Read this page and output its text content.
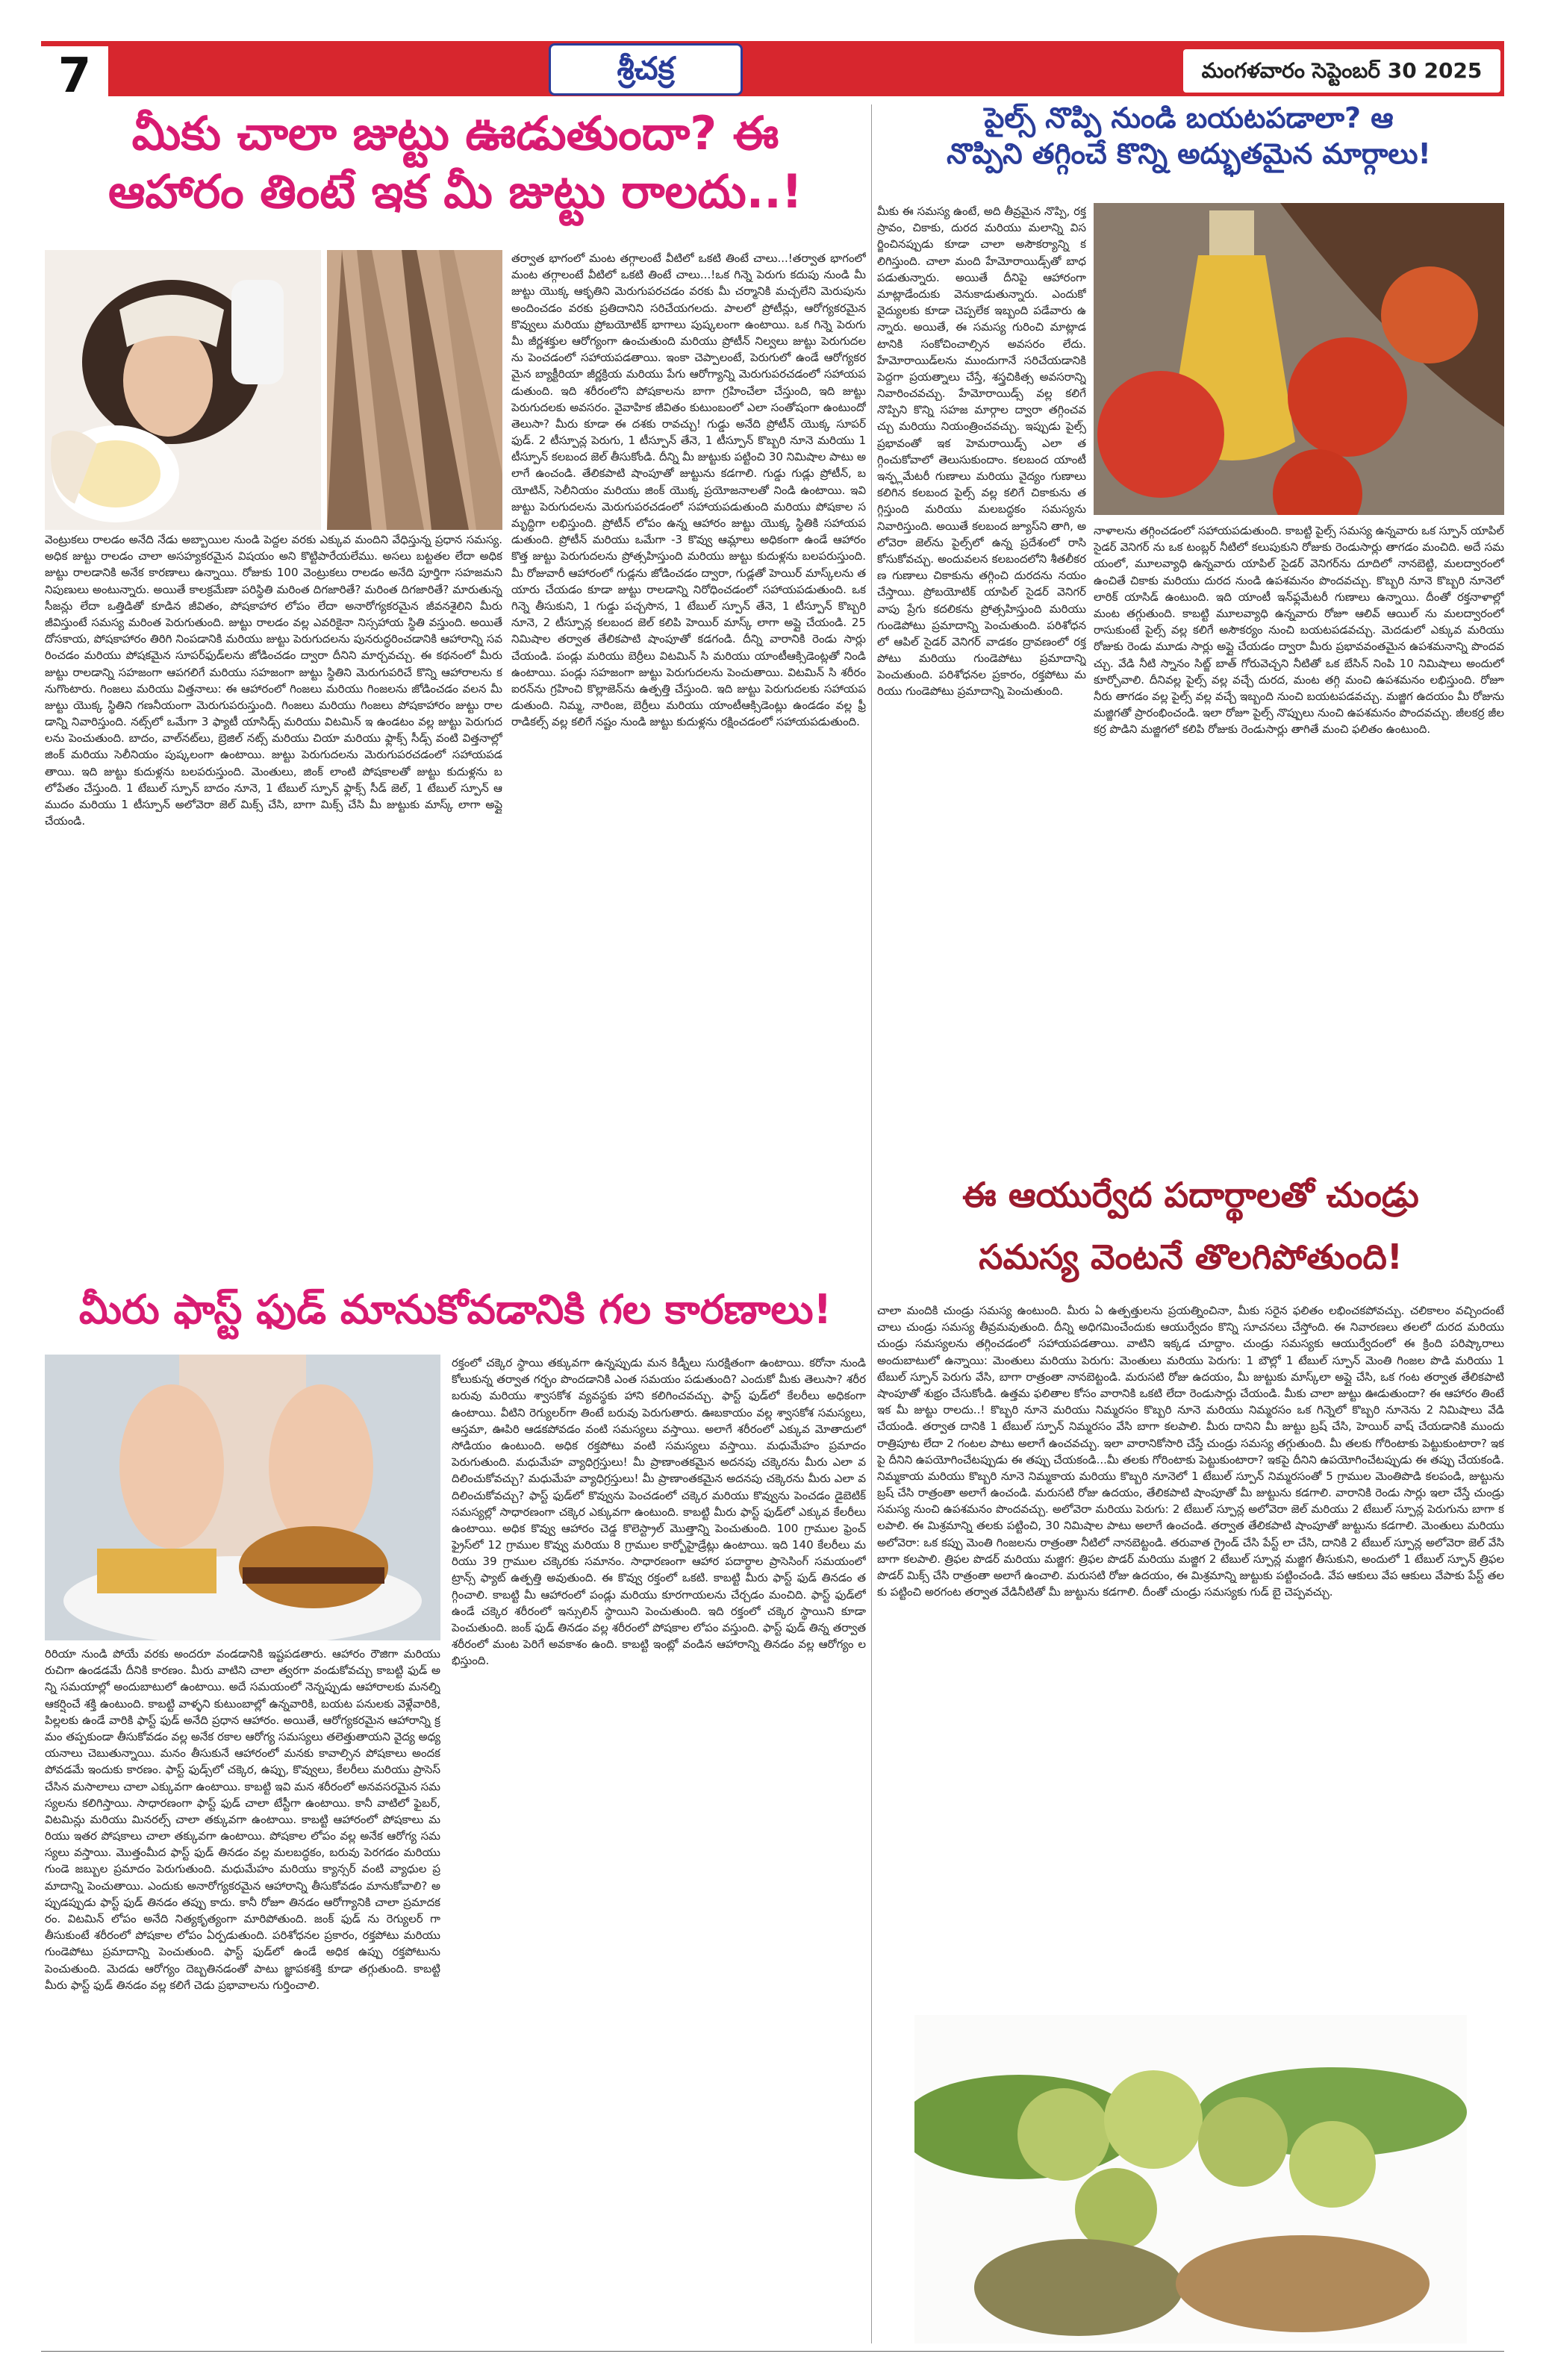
7	శ్రీచక్ర	మంగళవారం సెప్టెంబర్ 30 2025
మీకు చాలా జుట్టు ఊడుతుందా? ఈ
ఆహారం తింటే ఇక మీ జుట్టు రాలదు..!
వెంట్రుకలు రాలడం అనేది నేడు అబ్బాయిల నుండి పెద్దల వరకు ఎక్కువ మందిని వేధిస్తున్న ప్రధాన సమస్య. అధిక జుట్టు రాలడం చాలా అసహ్యకరమైన విషయం అని కొట్టిపారేయలేము. అసలు బట్టతల లేదా అధిక జుట్టు రాలడానికి అనేక కారణాలు ఉన్నాయి. రోజుకు 100 వెంట్రుకలు రాలడం అనేది పూర్తిగా సహజమని నిపుణులు అంటున్నారు. అయితే కాలక్రమేణా పరిస్థితి మరింత దిగజారితే? మరింత దిగజారితే? మారుతున్న సీజన్లు లేదా ఒత్తిడితో కూడిన జీవితం, పోషకాహార లోపం లేదా అనారోగ్యకరమైన జీవనశైలిని మీరు జీవిస్తుంటే సమస్య మరింత పెరుగుతుంది. జుట్టు రాలడం వల్ల ఎవరికైనా నిస్సహాయ స్థితి వస్తుంది. అయితే దోసకాయ, పోషకాహారం తిరిగి నింపడానికి మరియు జుట్టు పెరుగుదలను పునరుద్ధరించడానికి ఆహారాన్ని సవరించడం మరియు పోషకమైన సూపర్‌ఫుడ్‌లను జోడించడం ద్వారా దీనిని మార్చవచ్చు. ఈ కథనంలో మీరు జుట్టు రాలడాన్ని సహజంగా ఆపగలిగే మరియు సహజంగా జుట్టు స్థితిని మెరుగుపరిచే కొన్ని ఆహారాలను కనుగొంటారు. గింజలు మరియు విత్తనాలు: ఈ ఆహారంలో గింజలు మరియు గింజలను జోడించడం వలన మీ జుట్టు యొక్క స్థితిని గణనీయంగా మెరుగుపరుస్తుంది. గింజలు మరియు గింజలు పోషకాహారం జుట్టు రాలడాన్ని నివారిస్తుంది. నట్స్‌లో ఒమేగా 3 ఫ్యాటీ యాసిడ్స్ మరియు విటమిన్ ఇ ఉండటం వల్ల జుట్టు పెరుగుదలను పెంచుతుంది. బాదం, వాల్‌నట్‌లు, బ్రెజిల్ నట్స్ మరియు చియా మరియు ఫ్లాక్స్ సీడ్స్ వంటి విత్తనాల్లో జింక్ మరియు సెలీనియం పుష్కలంగా ఉంటాయి. జుట్టు పెరుగుదలను మెరుగుపరచడంలో సహాయపడతాయి. ఇది జుట్టు కుదుళ్లను బలపరుస్తుంది. మెంతులు, జింక్ లాంటి పోషకాలతో జుట్టు కుదుళ్లను బలోపేతం చేస్తుంది. 1 టేబుల్ స్పూన్ బాదం నూనె, 1 టేబుల్ స్పూన్ ఫ్లాక్స్ సీడ్ జెల్, 1 టేబుల్ స్పూన్ ఆముదం మరియు 1 టీస్పూన్ అలోవెరా జెల్ మిక్స్ చేసి, బాగా మిక్స్ చేసి మీ జుట్టుకు మాస్క్ లాగా అప్లై చేయండి.
తర్వాత భాగంలో మంట తగ్గాలంటే వీటిలో ఒకటి తింటే చాలు...!తర్వాత భాగంలో మంట తగ్గాలంటే వీటిలో ఒకటి తింటే చాలు...!ఒక గిన్నె పెరుగు కదుపు నుండి మీ జుట్టు యొక్క ఆకృతిని మెరుగుపరచడం వరకు మీ చర్మానికి మచ్చలేని మెరుపును అందించడం వరకు ప్రతిదానిని సరిచేయగలదు. పాలలో ప్రోటీన్లు, ఆరోగ్యకరమైన కొవ్వులు మరియు ప్రోబయోటిక్ భాగాలు పుష్కలంగా ఉంటాయి. ఒక గిన్నె పెరుగు మీ జీర్ణశక్తుల ఆరోగ్యంగా ఉంచుతుంది మరియు ప్రోటీన్ నిల్వలు జుట్టు పెరుగుదలను పెంచడంలో సహాయపడతాయి. ఇంకా చెప్పాలంటే, పెరుగులో ఉండే ఆరోగ్యకరమైన బ్యాక్టీరియా జీర్ణక్రియ మరియు పేగు ఆరోగ్యాన్ని మెరుగుపరచడంలో సహాయపడుతుంది. ఇది శరీరంలోని పోషకాలను బాగా గ్రహించేలా చేస్తుంది, ఇది జుట్టు పెరుగుదలకు అవసరం. వైవాహిక జీవితం కుటుంబంలో ఎలా సంతోషంగా ఉంటుందో తెలుసా? మీరు కూడా ఈ దశకు రావచ్చు! గుడ్డు అనేది ప్రోటీన్ యొక్క సూపర్ ఫుడ్. 2 టీస్పూన్ల పెరుగు, 1 టీస్పూన్ తేనె, 1 టీస్పూన్ కొబ్బరి నూనె మరియు 1 టీస్పూన్ కలబంద జెల్ తీసుకోండి. దీన్ని మీ జుట్టుకు పట్టించి 30 నిమిషాల పాటు అలాగే ఉంచండి. తేలికపాటి షాంపూతో జుట్టును కడగాలి. గుడ్డు గుడ్లు ప్రోటీన్, బయోటిన్, సెలీనియం మరియు జింక్ యొక్క ప్రయోజనాలతో నిండి ఉంటాయి. ఇవి జుట్టు పెరుగుదలను మెరుగుపరచడంలో సహాయపడుతుంది మరియు పోషకాల సమృద్ధిగా లభిస్తుంది. ప్రోటీన్ లోపం ఉన్న ఆహారం జుట్టు యొక్క స్థితికి సహాయపడుతుంది. ప్రోటీన్ మరియు ఒమేగా -3 కొవ్వు ఆమ్లాలు అధికంగా ఉండే ఆహారం కొత్త జుట్టు పెరుగుదలను ప్రోత్సహిస్తుంది మరియు జుట్టు కుదుళ్లను బలపరుస్తుంది. మీ రోజువారీ ఆహారంలో గుడ్లను జోడించడం ద్వారా, గుడ్లతో హెయిర్ మాస్క్‌లను తయారు చేయడం కూడా జుట్టు రాలడాన్ని నిరోధించడంలో సహాయపడుతుంది. ఒక గిన్నె తీసుకుని, 1 గుడ్డు పచ్చసొన, 1 టేబుల్ స్పూన్ తేనె, 1 టీస్పూన్ కొబ్బరి నూనె, 2 టీస్పూన్ల కలబంద జెల్ కలిపి హెయిర్ మాస్క్ లాగా అప్లై చేయండి. 25 నిమిషాల తర్వాత తేలికపాటి షాంపూతో కడగండి. దీన్ని వారానికి రెండు సార్లు చేయండి. పండ్లు మరియు బెర్రీలు విటమిన్ సి మరియు యాంటీఆక్సిడెంట్లతో నిండి ఉంటాయి. పండ్లు సహజంగా జుట్టు పెరుగుదలను పెంచుతాయి. విటమిన్ సి శరీరం ఐరన్‌ను గ్రహించి కొల్లాజెన్‌ను ఉత్పత్తి చేస్తుంది. ఇది జుట్టు పెరుగుదలకు సహాయపడుతుంది. నిమ్మ, నారింజ, బెర్రీలు మరియు యాంటీఆక్సిడెంట్లు ఉండడం వల్ల ఫ్రీ రాడికల్స్ వల్ల కలిగే నష్టం నుండి జుట్టు కుదుళ్లను రక్షించడంలో సహాయపడుతుంది.
పైల్స్ నొప్పి నుండి బయటపడాలా? ఆ
నొప్పిని తగ్గించే కొన్ని అద్భుతమైన మార్గాలు!
మీకు ఈ సమస్య ఉంటే, అది తీవ్రమైన నొప్పి, రక్తస్రావం, చికాకు, దురద మరియు మలాన్ని విసర్జించినప్పుడు కూడా చాలా అసౌకర్యాన్ని కలిగిస్తుంది. చాలా మంది హేమోరాయిడ్స్‌తో బాధపడుతున్నారు. అయితే దీనిపై ఆహారంగా మాట్లాడేందుకు వెనుకాడుతున్నారు. ఎందుకో వైద్యులకు కూడా చెప్పలేక ఇబ్బంది పడేవారు ఉన్నారు. అయితే, ఈ సమస్య గురించి మాట్లాడటానికి సంకోచించాల్సిన అవసరం లేదు. హేమోరాయిడ్‌లను ముందుగానే సరిచేయడానికి పెద్దగా ప్రయత్నాలు చేస్తే, శస్త్రచికిత్స అవసరాన్ని నివారించవచ్చు. హేమోరాయిడ్స్ వల్ల కలిగే నొప్పిని కొన్ని సహజ మార్గాల ద్వారా తగ్గించవచ్చు మరియు నియంత్రించవచ్చు. ఇప్పుడు పైల్స్ ప్రభావంతో ఇక హెమరాయిడ్స్ ఎలా తగ్గించుకోవాలో తెలుసుకుందాం. కలబంద యాంటీ ఇన్ఫ్లమేటరీ గుణాలు మరియు వైద్యం గుణాలు కలిగిన కలబంద పైల్స్ వల్ల కలిగే చికాకును తగ్గిస్తుంది మరియు మలబద్ధకం సమస్యను నివారిస్తుంది. అయితే కలబంద జ్యూస్‌ని తాగి, అలోవెరా జెల్‌ను పైల్స్‌లో ఉన్న ప్రదేశంలో రాసి కోసుకోవచ్చు. అందువలన కలబందలోని శీతలీకరణ గుణాలు చికాకును తగ్గించి దురదను నయం చేస్తాయి. ప్రోబయోటిక్ యాపిల్ సైడర్ వెనిగర్ వాపు ప్రేగు కదలికను ప్రోత్సహిస్తుంది మరియు గుండెపోటు ప్రమాదాన్ని పెంచుతుంది. పరిశోధనలో ఆపిల్ సైడర్ వెనిగర్ వాడకం ద్రావణంలో రక్తపోటు మరియు గుండెపోటు ప్రమాదాన్ని పెంచుతుంది. పరిశోధనల ప్రకారం, రక్తపోటు మరియు గుండెపోటు ప్రమాదాన్ని పెంచుతుంది.
నాళాలను తగ్గించడంలో సహాయపడుతుంది. కాబట్టి పైల్స్ సమస్య ఉన్నవారు ఒక స్పూన్ యాపిల్ సైడర్ వెనిగర్ ను ఒక టంబ్లర్ నీటిలో కలుపుకుని రోజుకు రెండుసార్లు తాగడం మంచిది. అదే సమయంలో, మూలవ్యాధి ఉన్నవారు యాపిల్ సైడర్ వెనిగర్‌ను దూదిలో నానబెట్టి, మలద్వారంలో ఉంచితే చికాకు మరియు దురద నుండి ఉపశమనం పొందవచ్చు. కొబ్బరి నూనె కొబ్బరి నూనెలో లారిక్ యాసిడ్ ఉంటుంది. ఇది యాంటీ ఇన్‌ఫ్లమేటరీ గుణాలు ఉన్నాయి. దీంతో రక్తనాళాల్లో మంట తగ్గుతుంది. కాబట్టి మూలవ్యాధి ఉన్నవారు రోజూ ఆలివ్ ఆయిల్ ను మలద్వారంలో రాసుకుంటే పైల్స్ వల్ల కలిగే అసౌకర్యం నుంచి బయటపడవచ్చు. మెదడులో ఎక్కువ మరియు రోజుకు రెండు మూడు సార్లు అప్లై చేయడం ద్వారా మీరు ప్రభావవంతమైన ఉపశమనాన్ని పొందవచ్చు. వేడి నీటి స్నానం సిట్జ్ బాత్ గోరువెచ్చని నీటితో ఒక బేసిన్ నింపి 10 నిమిషాలు అందులో కూర్చోవాలి. దీనివల్ల పైల్స్ వల్ల వచ్చే దురద, మంట తగ్గి మంచి ఉపశమనం లభిస్తుంది. రోజూ నీరు తాగడం వల్ల పైల్స్ వల్ల వచ్చే ఇబ్బంది నుంచి బయటపడవచ్చు. మజ్జిగ ఉదయం మీ రోజును మజ్జిగతో ప్రారంభించండి. ఇలా రోజూ పైల్స్ నొప్పులు నుంచి ఉపశమనం పొందవచ్చు. జీలకర్ర జీలకర్ర పొడిని మజ్జిగలో కలిపి రోజుకు రెండుసార్లు తాగితే మంచి ఫలితం ఉంటుంది.
మీరు ఫాస్ట్ ఫుడ్ మానుకోవడానికి గల కారణాలు!
రిరియా నుండి పోయే వరకు అందరూ వండడానికి ఇష్టపడతారు. ఆహారం రౌజిగా మరియు రుచిగా ఉండడమే దీనికి కారణం. మీరు వాటిని చాలా త్వరగా వండుకోవచ్చు కాబట్టి ఫుడ్ అన్ని సమయాల్లో అందుబాటులో ఉంటాయి. అదే సమయంలో నెన్నప్పుడు ఆహారాలకు మనల్ని ఆకర్షించే శక్తి ఉంటుంది. కాబట్టి వాళ్ళని కుటుంబాల్లో ఉన్నవారికి, బయట పనులకు వెళ్లేవారికి, పిల్లలకు ఉండే వారికి ఫాస్ట్ ఫుడ్ అనేది ప్రధాన ఆహారం. అయితే, ఆరోగ్యకరమైన ఆహారాన్ని క్రమం తప్పకుండా తీసుకోవడం వల్ల అనేక రకాల ఆరోగ్య సమస్యలు తలెత్తుతాయని వైద్య అధ్యయనాలు చెబుతున్నాయి. మనం తీసుకునే ఆహారంలో మనకు కావాల్సిన పోషకాలు అందకపోవడమే ఇందుకు కారణం. ఫాస్ట్ ఫుడ్స్‌లో చక్కెర, ఉప్పు, కొవ్వులు, కేలరీలు మరియు ప్రాసెస్ చేసిన మసాలాలు చాలా ఎక్కువగా ఉంటాయి. కాబట్టి ఇవి మన శరీరంలో అనవసరమైన సమస్యలను కలిగిస్తాయి. సాధారణంగా ఫాస్ట్ ఫుడ్ చాలా టేస్టీగా ఉంటాయి. కానీ వాటిలో ఫైబర్, విటమిన్లు మరియు మినరల్స్ చాలా తక్కువగా ఉంటాయి. కాబట్టి ఆహారంలో పోషకాలు మరియు ఇతర పోషకాలు చాలా తక్కువగా ఉంటాయి. పోషకాల లోపం వల్ల అనేక ఆరోగ్య సమస్యలు వస్తాయి. మొత్తంమీద ఫాస్ట్ ఫుడ్ తినడం వల్ల మలబద్ధకం, బరువు పెరగడం మరియు గుండె జబ్బుల ప్రమాదం పెరుగుతుంది. మధుమేహం మరియు క్యాన్సర్ వంటి వ్యాధుల ప్రమాదాన్ని పెంచుతాయి. ఎందుకు అనారోగ్యకరమైన ఆహారాన్ని తీసుకోవడం మానుకోవాలి? అప్పుడప్పుడు ఫాస్ట్ ఫుడ్ తినడం తప్పు కాదు. కానీ రోజూ తినడం ఆరోగ్యానికి చాలా ప్రమాదకరం. విటమిన్ లోపం అనేది నిత్యకృత్యంగా మారిపోతుంది. జంక్ ఫుడ్ ను రెగ్యులర్ గా తీసుకుంటే శరీరంలో పోషకాల లోపం ఏర్పడుతుంది. పరిశోధనల ప్రకారం, రక్తపోటు మరియు గుండెపోటు ప్రమాదాన్ని పెంచుతుంది. ఫాస్ట్ ఫుడ్‌లో ఉండే అధిక ఉప్పు రక్తపోటును పెంచుతుంది. మెదడు ఆరోగ్యం దెబ్బతినడంతో పాటు జ్ఞాపకశక్తి కూడా తగ్గుతుంది. కాబట్టి మీరు ఫాస్ట్ ఫుడ్ తినడం వల్ల కలిగే చెడు ప్రభావాలను గుర్తించాలి.
రక్తంలో చక్కెర స్థాయి తక్కువగా ఉన్నప్పుడు మన కిడ్నీలు సురక్షితంగా ఉంటాయి. కరోనా నుండి కోలుకున్న తర్వాత గర్భం పొందడానికి ఎంత సమయం పడుతుంది? ఎందుకో మీకు తెలుసా? శరీర బరువు మరియు శ్వాసకోశ వ్యవస్థకు హాని కలిగించవచ్చు. ఫాస్ట్ ఫుడ్‌లో కేలరీలు అధికంగా ఉంటాయి. వీటిని రెగ్యులర్‌గా తింటే బరువు పెరుగుతారు. ఊబకాయం వల్ల శ్వాసకోశ సమస్యలు, ఆస్తమా, ఊపిరి ఆడకపోవడం వంటి సమస్యలు వస్తాయి. అలాగే శరీరంలో ఎక్కువ మోతాదులో సోడియం ఉంటుంది. అధిక రక్తపోటు వంటి సమస్యలు వస్తాయి. మధుమేహం ప్రమాదం పెరుగుతుంది. మధుమేహ వ్యాధిగ్రస్తులు! మీ ప్రాణాంతకమైన అదనపు చక్కెరను మీరు ఎలా వదిలించుకోవచ్చు? మధుమేహ వ్యాధిగ్రస్తులు! మీ ప్రాణాంతకమైన అదనపు చక్కెరను మీరు ఎలా వదిలించుకోవచ్చు? ఫాస్ట్ ఫుడ్‌లో కొవ్వును పెంచడంలో చక్కెర మరియు కొవ్వును పెంచడం డైబెటిక్ సమస్యల్లో సాధారణంగా చక్కెర ఎక్కువగా ఉంటుంది. కాబట్టి మీరు ఫాస్ట్ ఫుడ్‌లో ఎక్కువ కేలరీలు ఉంటాయి. అధిక కొవ్వు ఆహారం చెడ్డ కొలెస్ట్రాల్ మొత్తాన్ని పెంచుతుంది. 100 గ్రాముల ఫ్రెంచ్ ఫ్రైస్‌లో 12 గ్రాముల కొవ్వు మరియు 8 గ్రాముల కార్బోహైడ్రేట్లు ఉంటాయి. ఇది 140 కేలరీలు మరియు 39 గ్రాముల చక్కెరకు సమానం. సాధారణంగా ఆహార పదార్థాల ప్రాసెసింగ్ సమయంలో ట్రాన్స్ ఫ్యాట్ ఉత్పత్తి అవుతుంది. ఈ కొవ్వు రక్తంలో ఒకటి. కాబట్టి మీరు ఫాస్ట్ ఫుడ్ తినడం తగ్గించాలి. కాబట్టి మీ ఆహారంలో పండ్లు మరియు కూరగాయలను చేర్చడం మంచిది. ఫాస్ట్ ఫుడ్‌లో ఉండే చక్కెర శరీరంలో ఇన్సులిన్ స్థాయిని పెంచుతుంది. ఇది రక్తంలో చక్కెర స్థాయిని కూడా పెంచుతుంది. జంక్ ఫుడ్ తినడం వల్ల శరీరంలో పోషకాల లోపం వస్తుంది. ఫాస్ట్ ఫుడ్ తిన్న తర్వాత శరీరంలో మంట పెరిగే అవకాశం ఉంది. కాబట్టి ఇంట్లో వండిన ఆహారాన్ని తినడం వల్ల ఆరోగ్యం లభిస్తుంది.
ఈ ఆయుర్వేద పదార్థాలతో చుండ్రు
సమస్య వెంటనే తొలగిపోతుంది!
చాలా మందికి చుండ్రు సమస్య ఉంటుంది. మీరు ఏ ఉత్పత్తులను ప్రయత్నించినా, మీకు సరైన ఫలితం లభించకపోవచ్చు. చలికాలం వచ్చిందంటే చాలు చుండ్రు సమస్య తీవ్రమవుతుంది. దీన్ని అధిగమించేందుకు ఆయుర్వేదం కొన్ని సూచనలు చేస్తోంది. ఈ నివారణలు తలలో దురద మరియు చుండ్రు సమస్యలను తగ్గించడంలో సహాయపడతాయి. వాటిని ఇక్కడ చూద్దాం. చుండ్రు సమస్యకు ఆయుర్వేదంలో ఈ క్రింది పరిష్కారాలు అందుబాటులో ఉన్నాయి: మెంతులు మరియు పెరుగు: మెంతులు మరియు పెరుగు: 1 బౌల్లో 1 టేబుల్ స్పూన్ మెంతి గింజల పొడి మరియు 1 టేబుల్ స్పూన్ పెరుగు వేసి, బాగా రాత్రంతా నానబెట్టండి. మరుసటి రోజు ఉదయం, మీ జుట్టుకు మాస్క్‌లా అప్లై చేసి, ఒక గంట తర్వాత తేలికపాటి షాంపూతో శుభ్రం చేసుకోండి. ఉత్తమ ఫలితాల కోసం వారానికి ఒకటి లేదా రెండుసార్లు చేయండి. మీకు చాలా జుట్టు ఊడుతుందా? ఈ ఆహారం తింటే ఇక మీ జుట్టు రాలదు..! కొబ్బరి నూనె మరియు నిమ్మరసం కొబ్బరి నూనె మరియు నిమ్మరసం ఒక గిన్నెలో కొబ్బరి నూనెను 2 నిమిషాలు వేడి చేయండి. తర్వాత దానికి 1 టేబుల్ స్పూన్ నిమ్మరసం వేసి బాగా కలపాలి. మీరు దానిని మీ జుట్టు బ్రష్ చేసి, హెయిర్ వాష్ చేయడానికి ముందు రాత్రిపూట లేదా 2 గంటల పాటు అలాగే ఉంచవచ్చు. ఇలా వారానికోసారి చేస్తే చుండ్రు సమస్య తగ్గుతుంది. మీ తలకు గోరింటాకు పెట్టుకుంటారా? ఇకపై దీనిని ఉపయోగించేటప్పుడు ఈ తప్పు చేయకండి...మీ తలకు గోరింటాకు పెట్టుకుంటారా? ఇకపై దీనిని ఉపయోగించేటప్పుడు ఈ తప్పు చేయకండి. నిమ్మకాయ మరియు కొబ్బరి నూనె నిమ్మకాయ మరియు కొబ్బరి నూనెలో 1 టేబుల్ స్పూన్ నిమ్మరసంతో 5 గ్రాముల మెంతిపొడి కలపండి, జుట్టును బ్రష్ చేసి రాత్రంతా అలాగే ఉంచండి. మరుసటి రోజు ఉదయం, తేలికపాటి షాంపూతో మీ జుట్టును కడగాలి. వారానికి రెండు సార్లు ఇలా చేస్తే చుండ్రు సమస్య నుంచి ఉపశమనం పొందవచ్చు. అలోవెరా మరియు పెరుగు: 2 టేబుల్ స్పూన్ల అలోవెరా జెల్ మరియు 2 టేబుల్ స్పూన్ల పెరుగును బాగా కలపాలి. ఈ మిశ్రమాన్ని తలకు పట్టించి, 30 నిమిషాల పాటు అలాగే ఉంచండి. తర్వాత తేలికపాటి షాంపూతో జుట్టును కడగాలి. మెంతులు మరియు అలోవెరా: ఒక కప్పు మెంతి గింజలను రాత్రంతా నీటిలో నానబెట్టండి. తరువాత గ్రైండ్ చేసి పేస్ట్ లా చేసి, దానికి 2 టేబుల్ స్పూన్ల అలోవెరా జెల్ వేసి బాగా కలపాలి. త్రిఫల పొడర్ మరియు మజ్జిగ: త్రిఫల పొడర్ మరియు మజ్జిగ 2 టేబుల్ స్పూన్ల మజ్జిగ తీసుకుని, అందులో 1 టేబుల్ స్పూన్ త్రిఫల పొడర్ మిక్స్ చేసి రాత్రంతా అలాగే ఉంచాలి. మరుసటి రోజు ఉదయం, ఈ మిశ్రమాన్ని జుట్టుకు పట్టించండి. వేప ఆకులు వేప ఆకులు వేపాకు పేస్ట్ తలకు పట్టించి అరగంట తర్వాత వేడినీటితో మీ జుట్టును కడగాలి. దీంతో చుండ్రు సమస్యకు గుడ్ బై చెప్పవచ్చు.
